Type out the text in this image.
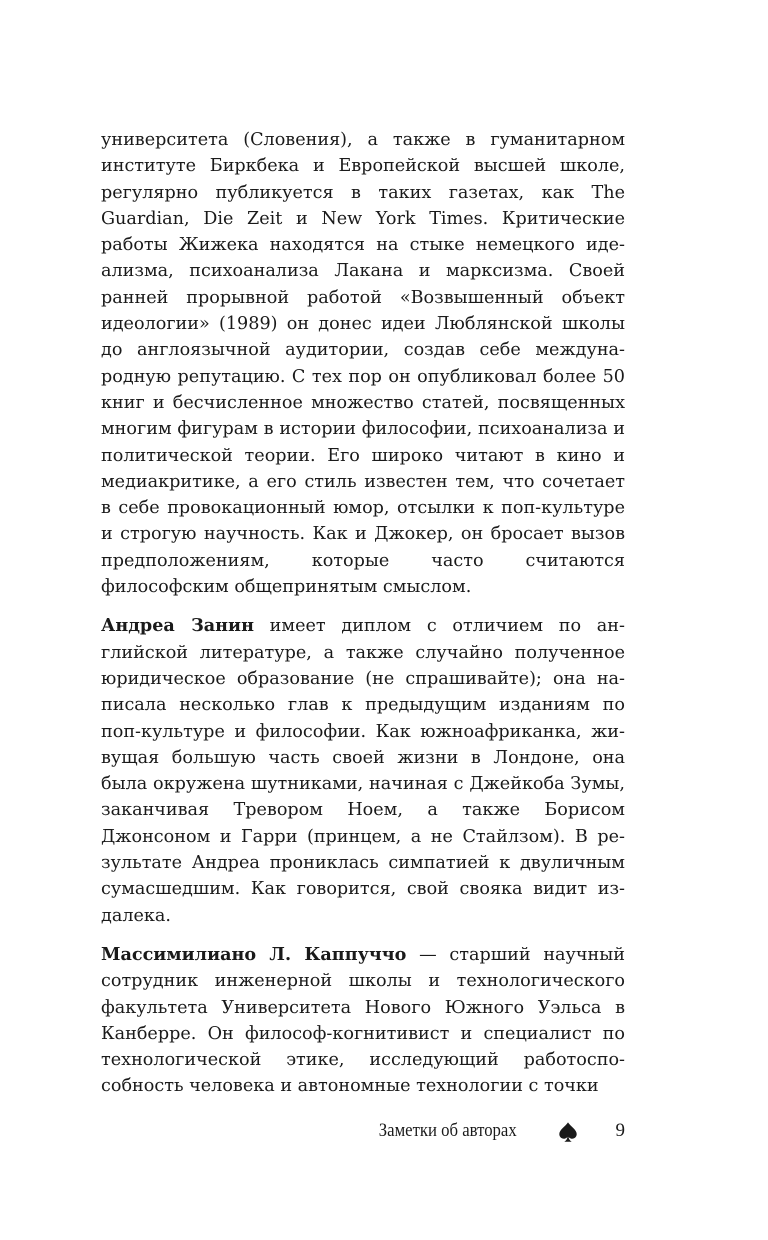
университета (Словения), а также в гуманитарном институте Биркбека и Европейской высшей школе, регулярно публикуется в таких газетах, как The Guardian, Die Zeit и New York Times. Критические работы Жижека находятся на стыке немецкого идеализма, психоанализа Лакана и марксизма. Своей ранней прорывной работой «Возвышенный объект идеологии» (1989) он донес идеи Люблянской школы до англоязычной аудитории, создав себе международную репутацию. С тех пор он опубликовал более 50 книг и бесчисленное множество статей, посвященных многим фигурам в истории философии, психоанализа и политической теории. Его широко читают в кино и медиакритике, а его стиль известен тем, что сочетает в себе провокационный юмор, отсылки к поп-культуре и строгую научность. Как и Джокер, он бросает вызов предположениям, которые часто считаются философским общепринятым смыслом.

Андреа Занин имеет диплом с отличием по английской литературе, а также случайно полученное юридическое образование (не спрашивайте); она написала несколько глав к предыдущим изданиям по поп-культуре и философии. Как южноафриканка, живущая большую часть своей жизни в Лондоне, она была окружена шутниками, начиная с Джейкоба Зумы, заканчивая Тревором Ноем, а также Борисом Джонсоном и Гарри (принцем, а не Стайлзом). В результате Андреа прониклась симпатией к двуличным сумасшедшим. Как говорится, свой свояка видит издалека.

Массимилиано Л. Каппуччо — старший научный сотрудник инженерной школы и технологического факультета Университета Нового Южного Уэльса в Канберре. Он философ-когнитивист и специалист по технологической этике, исследующий работоспособность человека и автономные технологии с точки

Заметки об авторах	9
